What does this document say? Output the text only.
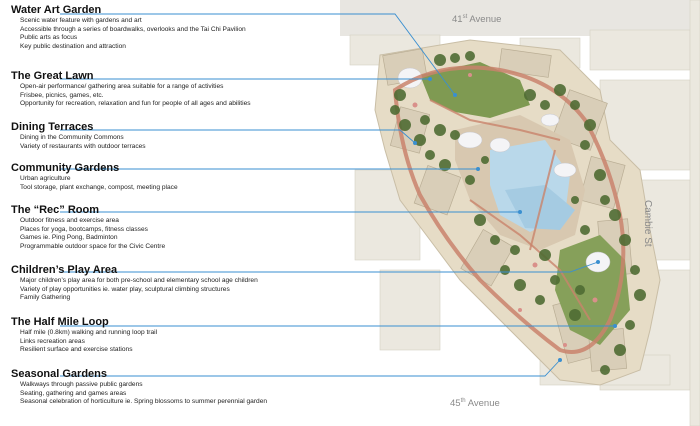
41st Avenue
45th Avenue
Cambie St
Water Art Garden
Scenic water feature with gardens and art
Accessible through a series of boardwalks, overlooks and the Tai Chi Pavilion
Public arts as focus
Key public destination and attraction
The Great Lawn
Open-air performance/ gathering area suitable for a range of activities
Frisbee, picnics, games, etc.
Opportunity for recreation, relaxation and fun for people of all ages and abilities
Dining Terraces
Dining in the Community Commons
Variety of restaurants with outdoor terraces
Community Gardens
Urban agriculture
Tool storage, plant exchange, compost, meeting place
The “Rec” Room
Outdoor fitness and exercise area
Places for yoga, bootcamps, fitness classes
Games ie. Ping Pong, Badminton
Programmable outdoor space for the Civic Centre
Children’s Play Area
Major children’s play area for both pre-school and elementary school age children
Variety of play opportunities ie. water play, sculptural climbing structures
Family Gathering
The Half Mile Loop
Half mile (0.8km) walking and running loop trail
Links recreation areas
Resilient surface and exercise stations
Seasonal Gardens
Walkways through passive public gardens
Seating, gathering and games areas
Seasonal celebration of horticulture ie. Spring blossoms to summer perennial garden
